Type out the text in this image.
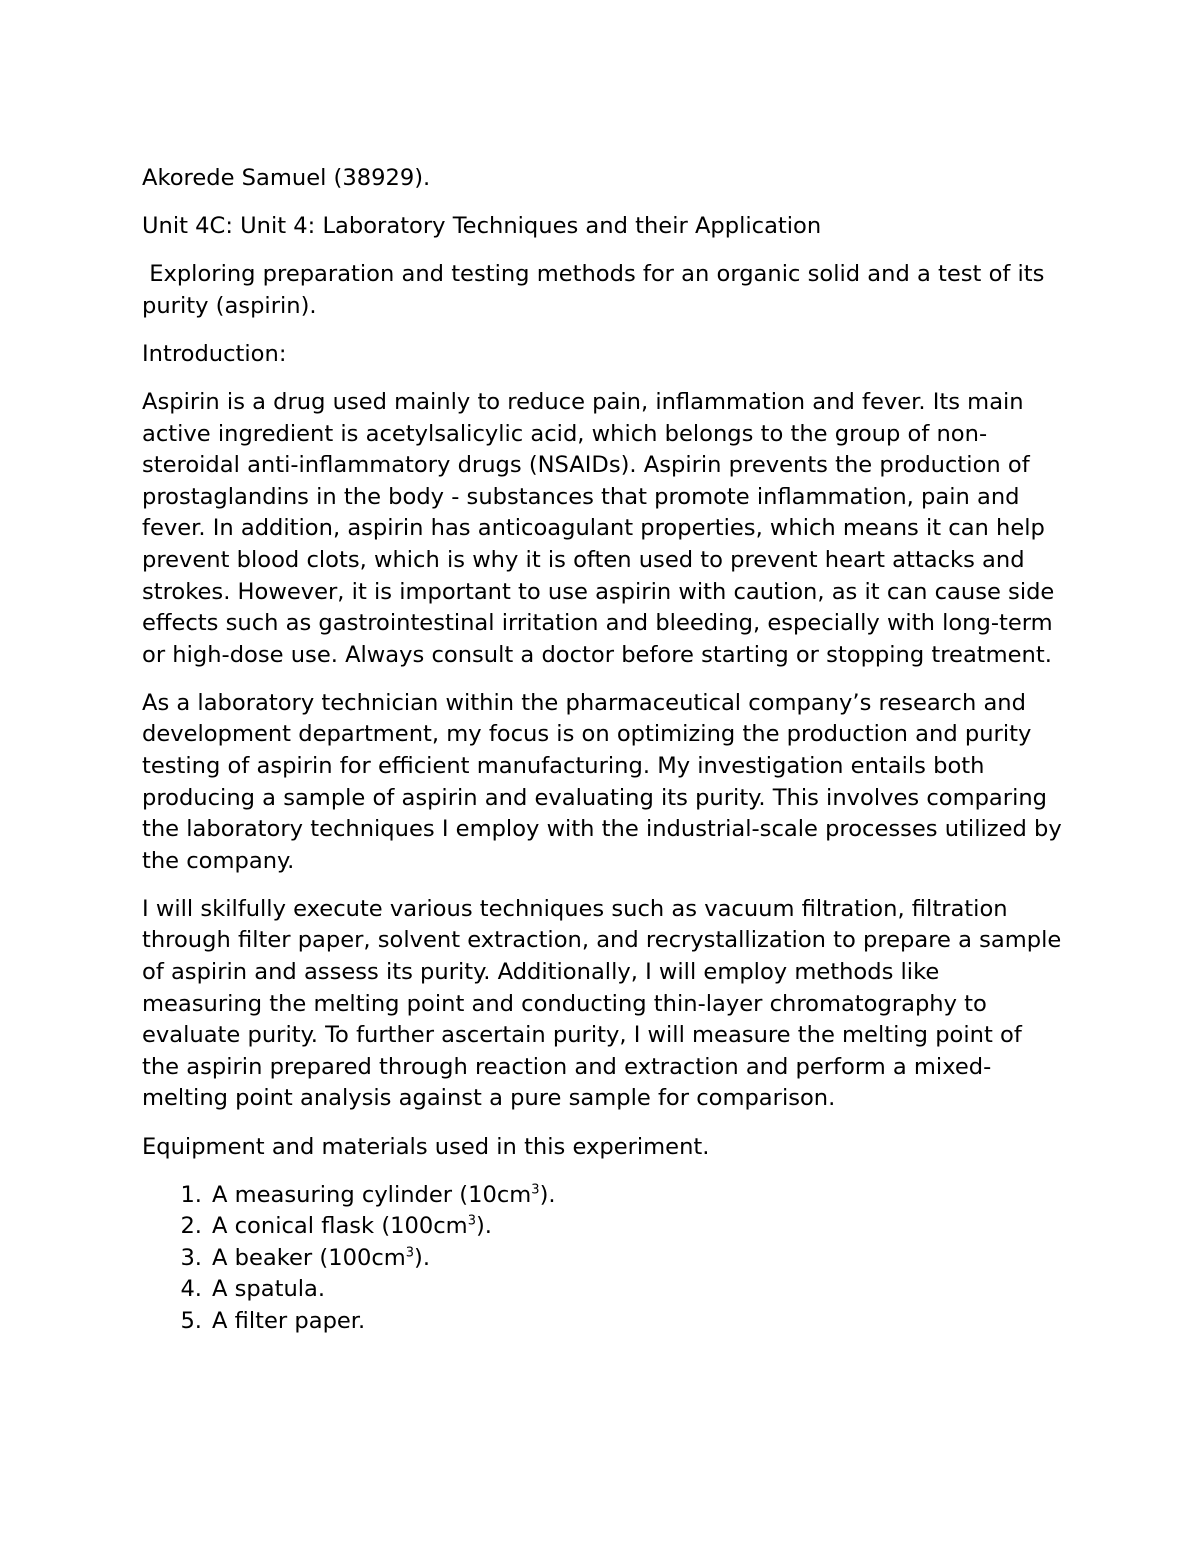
Akorede Samuel (38929).

Unit 4C: Unit 4: Laboratory Techniques and their Application

Exploring preparation and testing methods for an organic solid and a test of its purity (aspirin).

Introduction:

Aspirin is a drug used mainly to reduce pain, inflammation and fever. Its main active ingredient is acetylsalicylic acid, which belongs to the group of non-steroidal anti-inflammatory drugs (NSAIDs). Aspirin prevents the production of prostaglandins in the body - substances that promote inflammation, pain and fever. In addition, aspirin has anticoagulant properties, which means it can help prevent blood clots, which is why it is often used to prevent heart attacks and strokes. However, it is important to use aspirin with caution, as it can cause side effects such as gastrointestinal irritation and bleeding, especially with long-term or high-dose use. Always consult a doctor before starting or stopping treatment.

As a laboratory technician within the pharmaceutical company’s research and development department, my focus is on optimizing the production and purity testing of aspirin for efficient manufacturing. My investigation entails both producing a sample of aspirin and evaluating its purity. This involves comparing the laboratory techniques I employ with the industrial-scale processes utilized by the company.

I will skilfully execute various techniques such as vacuum filtration, filtration through filter paper, solvent extraction, and recrystallization to prepare a sample of aspirin and assess its purity. Additionally, I will employ methods like measuring the melting point and conducting thin-layer chromatography to evaluate purity. To further ascertain purity, I will measure the melting point of the aspirin prepared through reaction and extraction and perform a mixed-melting point analysis against a pure sample for comparison.

Equipment and materials used in this experiment.

1. A measuring cylinder $(10cm^3)$.
2. A conical flask $(100cm^3)$.
3. A beaker $(100cm^3)$.
4. A spatula.
5. A filter paper.
